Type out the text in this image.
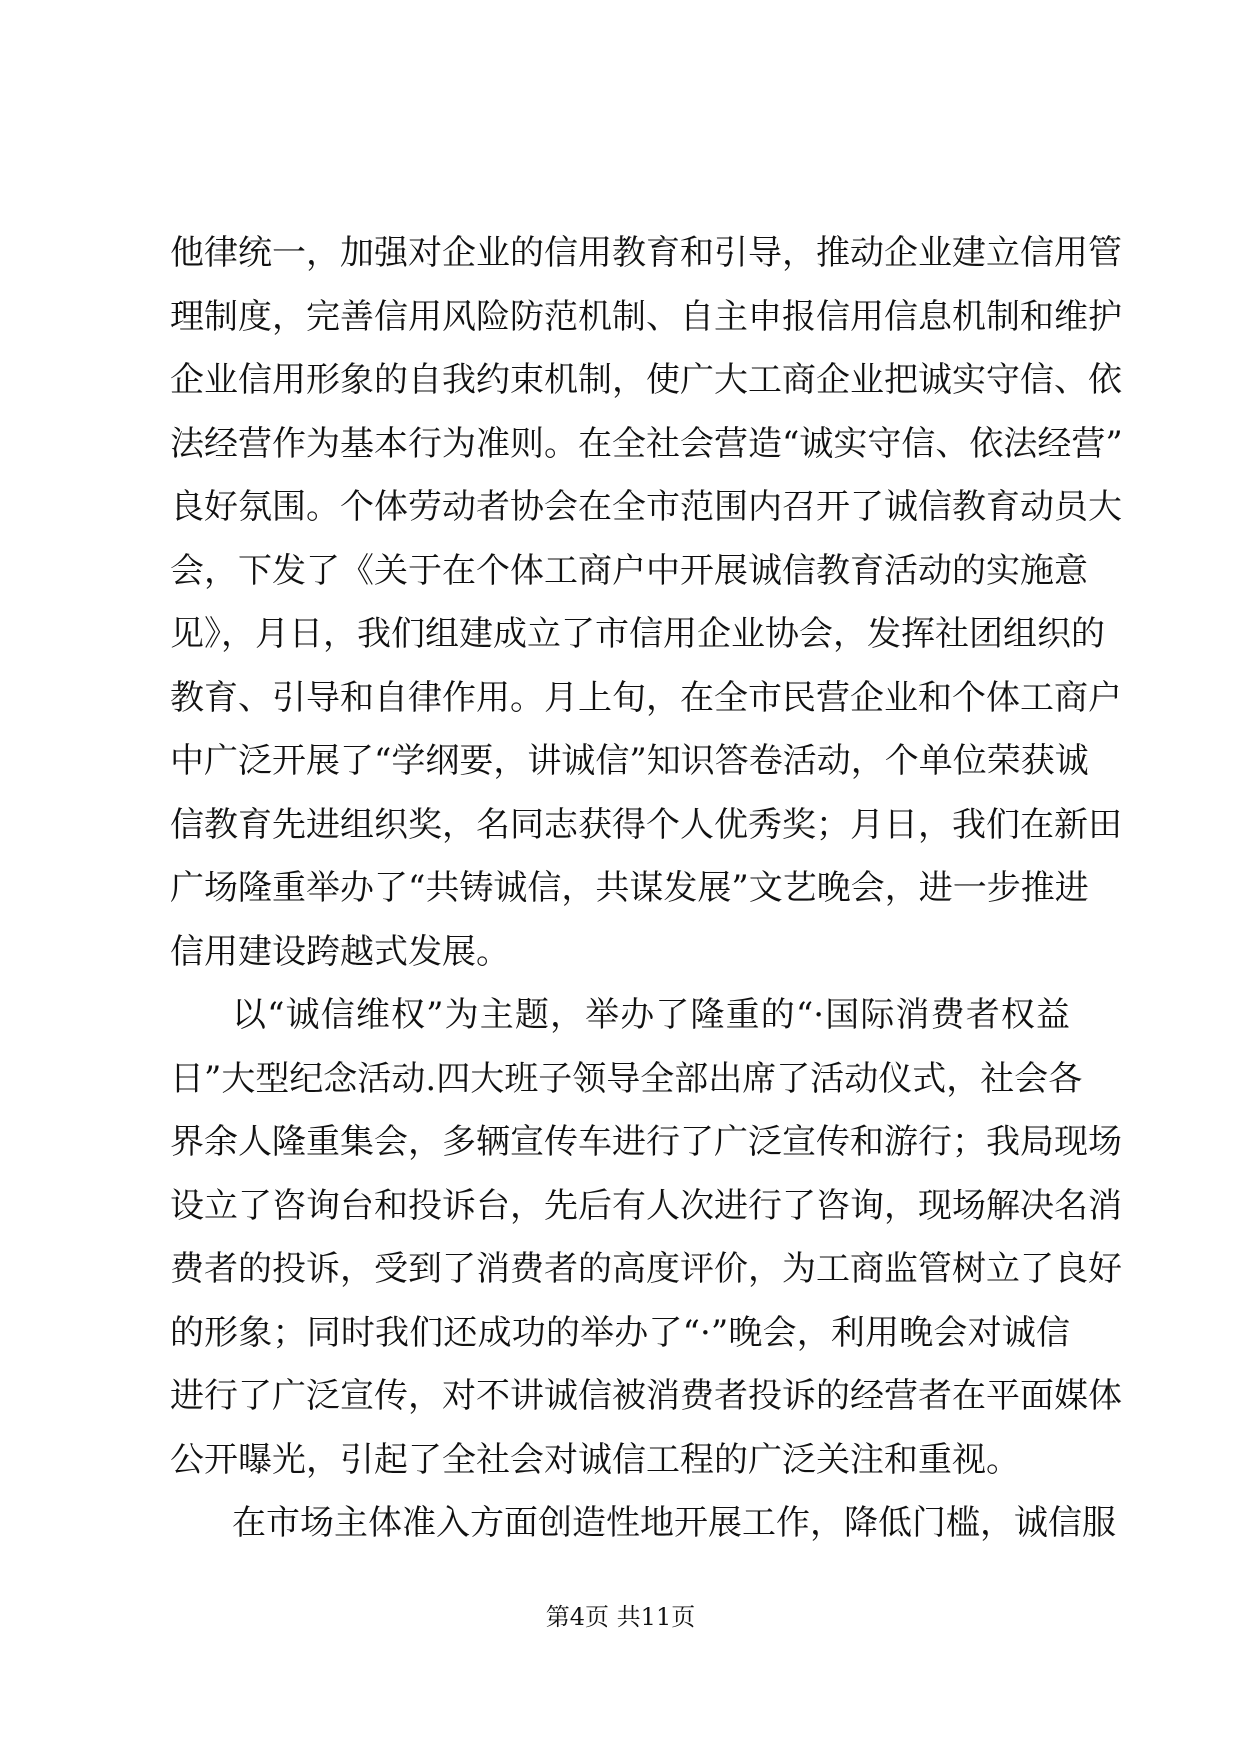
他律统一，加强对企业的信用教育和引导，推动企业建立信用管
理制度，完善信用风险防范机制、自主申报信用信息机制和维护
企业信用形象的自我约束机制，使广大工商企业把诚实守信、依
法经营作为基本行为准则。在全社会营造“诚实守信、依法经营”
良好氛围。个体劳动者协会在全市范围内召开了诚信教育动员大
会，下发了《关于在个体工商户中开展诚信教育活动的实施意
见》，月日，我们组建成立了市信用企业协会，发挥社团组织的
教育、引导和自律作用。月上旬，在全市民营企业和个体工商户
中广泛开展了“学纲要，讲诚信”知识答卷活动，个单位荣获诚
信教育先进组织奖，名同志获得个人优秀奖；月日，我们在新田
广场隆重举办了“共铸诚信，共谋发展”文艺晚会，进一步推进
信用建设跨越式发展。
以“诚信维权”为主题，举办了隆重的“·国际消费者权益
日”大型纪念活动.四大班子领导全部出席了活动仪式，社会各
界余人隆重集会，多辆宣传车进行了广泛宣传和游行；我局现场
设立了咨询台和投诉台，先后有人次进行了咨询，现场解决名消
费者的投诉，受到了消费者的高度评价，为工商监管树立了良好
的形象；同时我们还成功的举办了“·”晚会，利用晚会对诚信
进行了广泛宣传，对不讲诚信被消费者投诉的经营者在平面媒体
公开曝光，引起了全社会对诚信工程的广泛关注和重视。
在市场主体准入方面创造性地开展工作，降低门槛，诚信服
第4页 共11页
